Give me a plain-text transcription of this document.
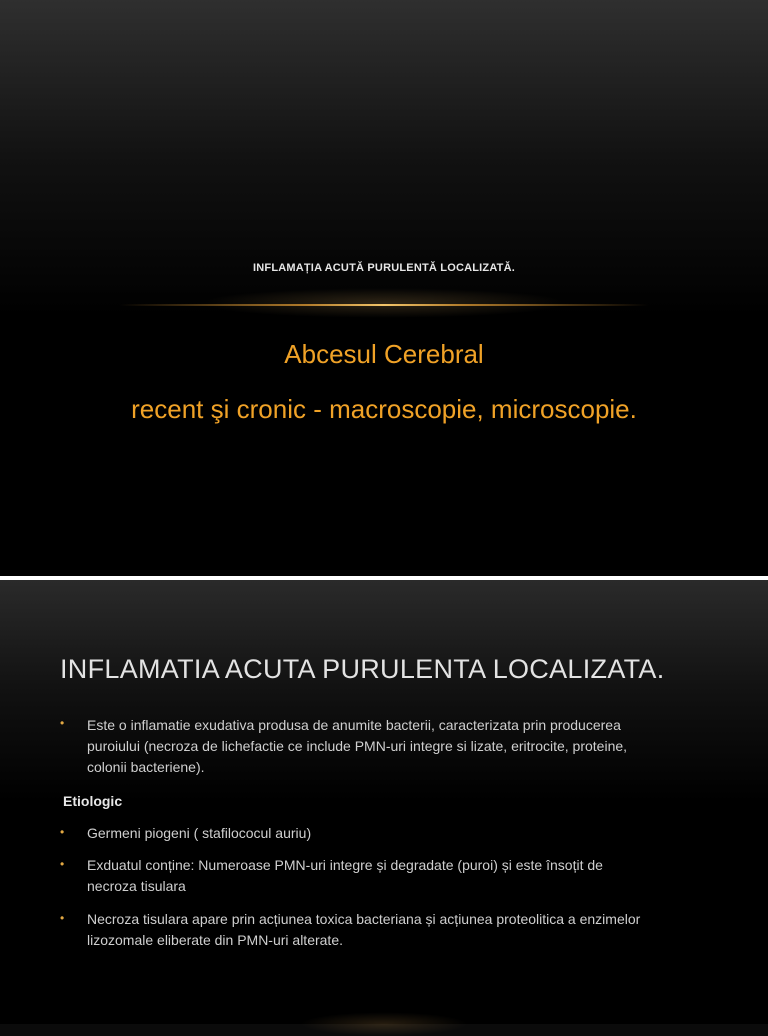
INFLAMAȚIA ACUTĂ PURULENTĂ LOCALIZATĂ.
Abcesul Cerebral
recent şi cronic - macroscopie, microscopie.
INFLAMATIA ACUTA PURULENTA LOCALIZATA.
• Este o inflamatie exudativa produsa de anumite bacterii, caracterizata prin producerea
puroiului (necroza de lichefactie ce include PMN-uri integre si lizate, eritrocite, proteine,
colonii bacteriene).
Etiologic
• Germeni piogeni ( stafilococul auriu)
• Exduatul conține: Numeroase PMN-uri integre și degradate (puroi) și este însoțit de
necroza tisulara
• Necroza tisulara apare prin acțiunea toxica bacteriana și acțiunea proteolitica a enzimelor
lizozomale eliberate din PMN-uri alterate.
